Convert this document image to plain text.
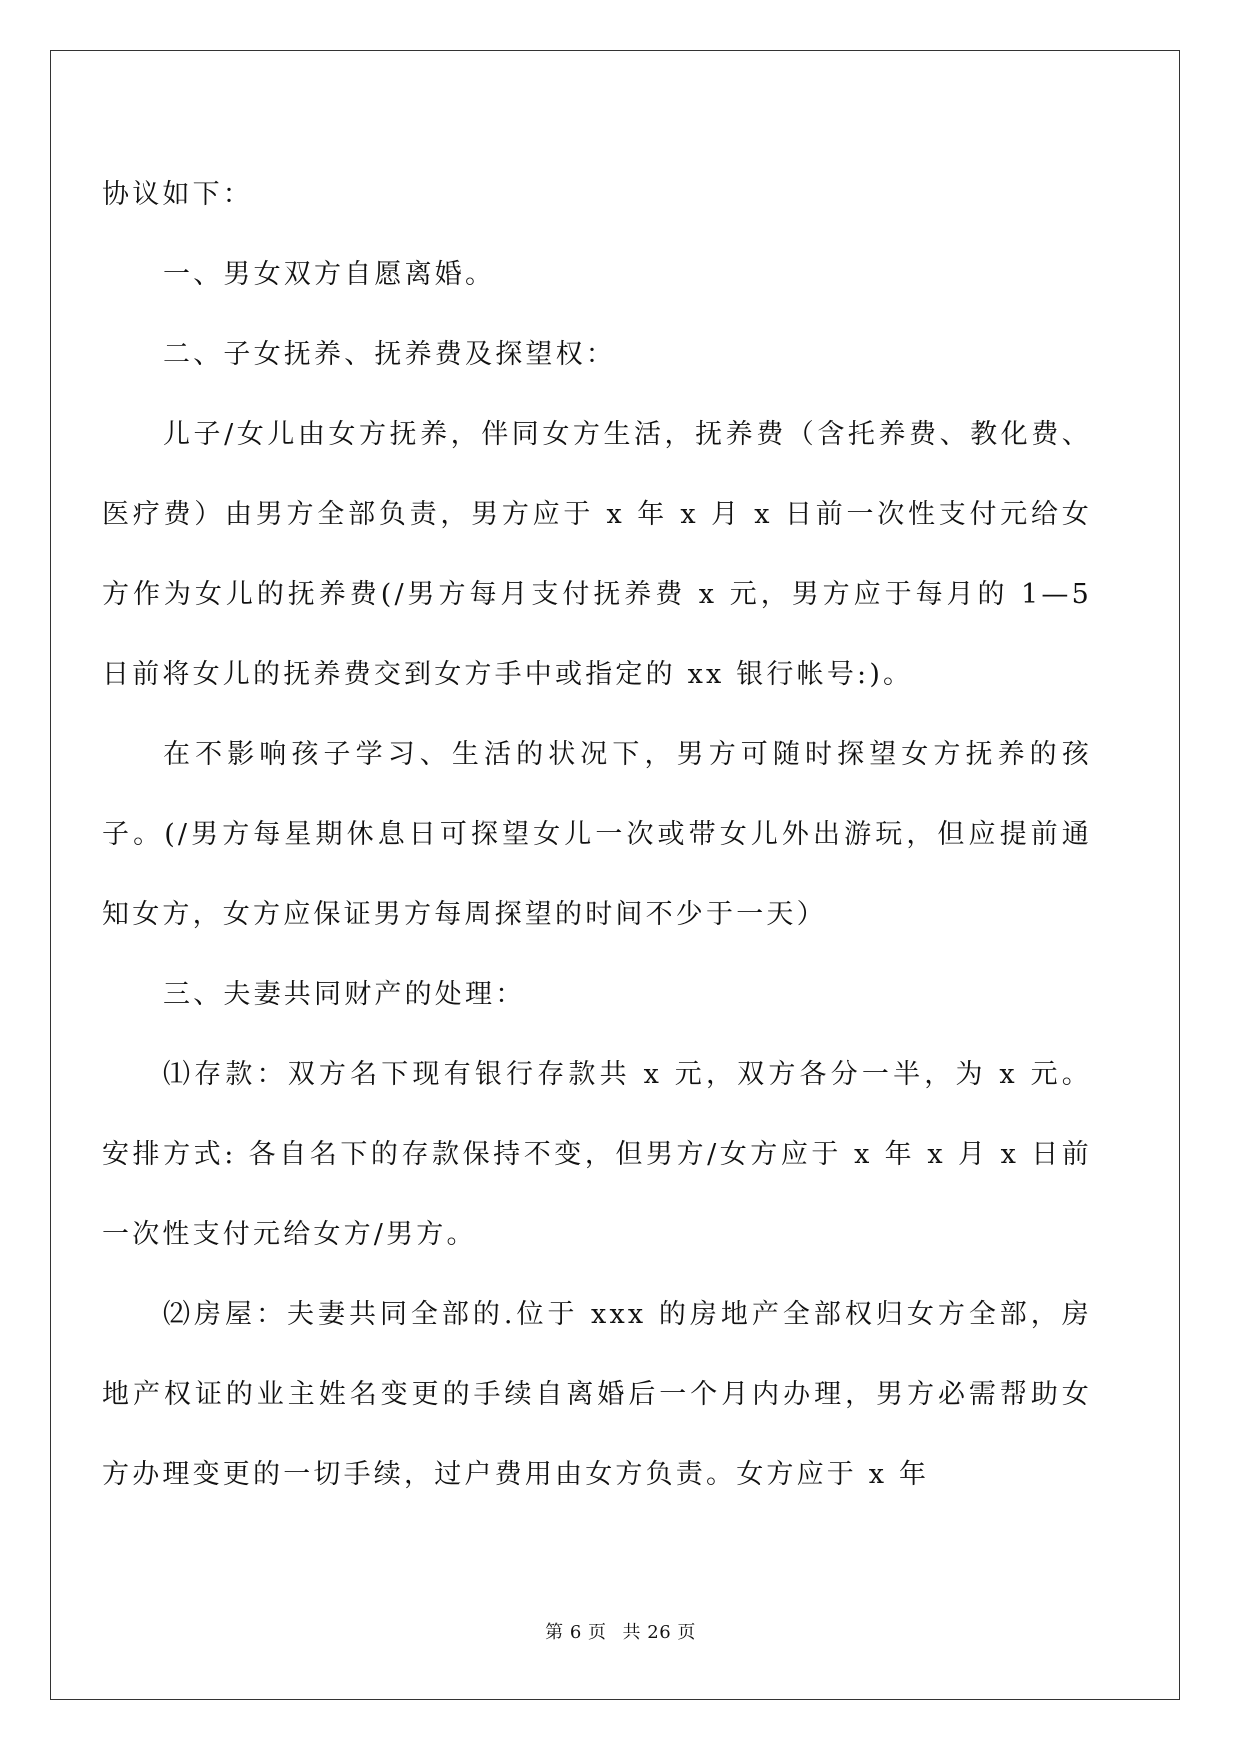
协议如下：

一、男女双方自愿离婚。

二、子女抚养、抚养费及探望权：

儿子/女儿由女方抚养，伴同女方生活，抚养费（含托养费、教化费、医疗费）由男方全部负责，男方应于 x 年 x 月 x 日前一次性支付元给女方作为女儿的抚养费(/男方每月支付抚养费 x 元，男方应于每月的 1—5 日前将女儿的抚养费交到女方手中或指定的 xx 银行帐号:)。

在不影响孩子学习、生活的状况下，男方可随时探望女方抚养的孩子。(/男方每星期休息日可探望女儿一次或带女儿外出游玩，但应提前通知女方，女方应保证男方每周探望的时间不少于一天）

三、夫妻共同财产的处理：

⑴存款：双方名下现有银行存款共 x 元，双方各分一半，为 x 元。安排方式: 各自名下的存款保持不变，但男方/女方应于 x 年 x 月 x 日前一次性支付元给女方/男方。

⑵房屋：夫妻共同全部的.位于 xxx 的房地产全部权归女方全部，房地产权证的业主姓名变更的手续自离婚后一个月内办理，男方必需帮助女方办理变更的一切手续，过户费用由女方负责。女方应于 x 年

第 6 页 共 26 页
